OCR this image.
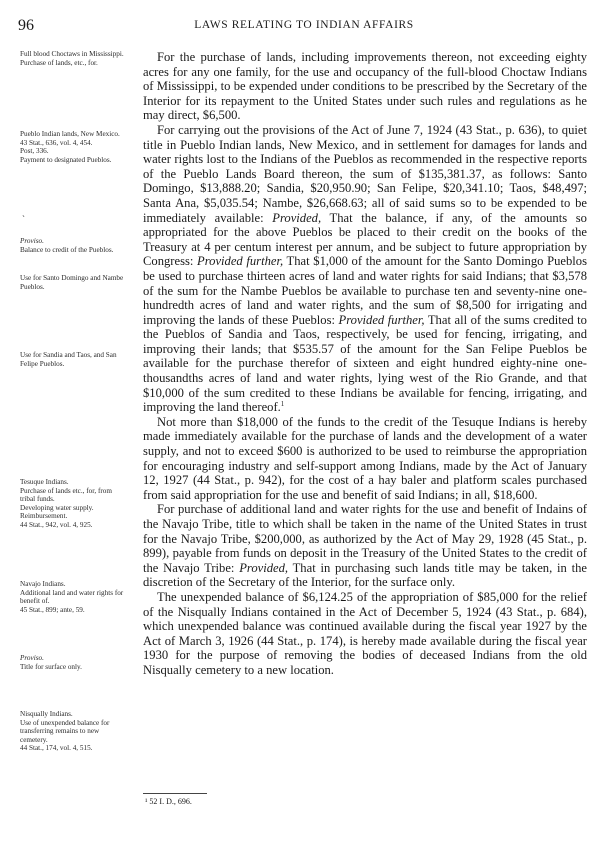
96	LAWS RELATING TO INDIAN AFFAIRS
Full blood Choctaws in Mississippi.
Purchase of lands, etc., for.
Pueblo Indian lands, New Mexico.
43 Stat., 636, vol. 4, 454.
Post, 336.
Payment to designated Pueblos.
Proviso.
Balance to credit of the Pueblos.
Use for Santo Domingo and Nambe Pueblos.
Use for Sandia and Taos, and San Felipe Pueblos.
Tesuque Indians.
Purchase of lands etc., for, from tribal funds.
Developing water supply.
Reimbursement.
44 Stat., 942, vol. 4, 925.
Navajo Indians.
Additional land and water rights for benefit of.
45 Stat., 899; ante, 59.
Proviso.
Title for surface only.
Nisqually Indians.
Use of unexpended balance for transferring remains to new cemetery.
44 Stat., 174, vol. 4, 515.
ˎ

For the purchase of lands, including improvements thereon, not exceeding eighty acres for any one family, for the use and occupancy of the full-blood Choctaw Indians of Mississippi, to be expended under conditions to be prescribed by the Secretary of the Interior for its repayment to the United States under such rules and regulations as he may direct, $6,500.

For carrying out the provisions of the Act of June 7, 1924 (43 Stat., p. 636), to quiet title in Pueblo Indian lands, New Mexico, and in settlement for damages for lands and water rights lost to the Indians of the Pueblos as recommended in the respective reports of the Pueblo Lands Board thereon, the sum of $135,381.37, as follows: Santo Domingo, $13,888.20; Sandia, $20,950.90; San Felipe, $20,341.10; Taos, $48,497; Santa Ana, $5,035.54; Nambe, $26,668.63; all of said sums so to be expended to be immediately available: Provided, That the balance, if any, of the amounts so appropriated for the above Pueblos be placed to their credit on the books of the Treasury at 4 per centum interest per annum, and be subject to future appropriation by Congress: Provided further, That $1,000 of the amount for the Santo Domingo Pueblos be used to purchase thirteen acres of land and water rights for said Indians; that $3,578 of the sum for the Nambe Pueblos be available to purchase ten and seventy-nine one-hundredth acres of land and water rights, and the sum of $8,500 for irrigating and improving the lands of these Pueblos: Provided further, That all of the sums credited to the Pueblos of Sandia and Taos, respectively, be used for fencing, irrigating, and improving their lands; that $535.57 of the amount for the San Felipe Pueblos be available for the purchase therefor of sixteen and eight hundred eighty-nine one-thousandths acres of land and water rights, lying west of the Rio Grande, and that $10,000 of the sum credited to these Indians be available for fencing, irrigating, and improving the land thereof.$^1$

Not more than $18,000 of the funds to the credit of the Tesuque Indians is hereby made immediately available for the purchase of lands and the development of a water supply, and not to exceed $600 is authorized to be used to reimburse the appropriation for encouraging industry and self-support among Indians, made by the Act of January 12, 1927 (44 Stat., p. 942), for the cost of a hay baler and platform scales purchased from said appropriation for the use and benefit of said Indians; in all, $18,600.

For purchase of additional land and water rights for the use and benefit of Indains of the Navajo Tribe, title to which shall be taken in the name of the United States in trust for the Navajo Tribe, $200,000, as authorized by the Act of May 29, 1928 (45 Stat., p. 899), payable from funds on deposit in the Treasury of the United States to the credit of the Navajo Tribe: Provided, That in purchasing such lands title may be taken, in the discretion of the Secretary of the Interior, for the surface only.

The unexpended balance of $6,124.25 of the appropriation of $85,000 for the relief of the Nisqually Indians contained in the Act of December 5, 1924 (43 Stat., p. 684), which unexpended balance was continued available during the fiscal year 1927 by the Act of March 3, 1926 (44 Stat., p. 174), is hereby made available during the fiscal year 1930 for the purpose of removing the bodies of deceased Indians from the old Nisqually cemetery to a new location.

¹ 52 I. D., 696.
